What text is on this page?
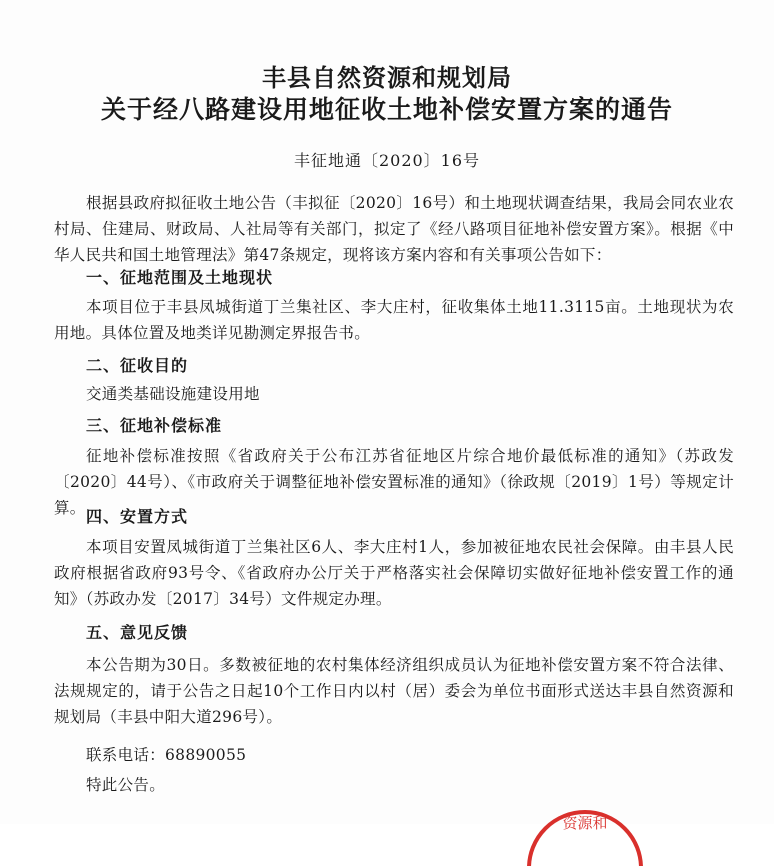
丰县自然资源和规划局
关于经八路建设用地征收土地补偿安置方案的通告
丰征地通〔2020〕16号
根据县政府拟征收土地公告（丰拟征〔2020〕16号）和土地现状调查结果，我局会同农业农村局、住建局、财政局、人社局等有关部门，拟定了《经八路项目征地补偿安置方案》。根据《中华人民共和国土地管理法》第47条规定，现将该方案内容和有关事项公告如下：
一、征地范围及土地现状
本项目位于丰县凤城街道丁兰集社区、李大庄村，征收集体土地11.3115亩。土地现状为农用地。具体位置及地类详见勘测定界报告书。
二、征收目的
交通类基础设施建设用地
三、征地补偿标准
征地补偿标准按照《省政府关于公布江苏省征地区片综合地价最低标准的通知》（苏政发〔2020〕44号）、《市政府关于调整征地补偿安置标准的通知》（徐政规〔2019〕1号）等规定计算。 四、安置方式
本项目安置凤城街道丁兰集社区6人、李大庄村1人，参加被征地农民社会保障。由丰县人民政府根据省政府93号令、《省政府办公厅关于严格落实社会保障切实做好征地补偿安置工作的通知》（苏政办发〔2017〕34号）文件规定办理。
五、意见反馈
本公告期为30日。多数被征地的农村集体经济组织成员认为征地补偿安置方案不符合法律、法规规定的，请于公告之日起10个工作日内以村（居）委会为单位书面形式送达丰县自然资源和规划局（丰县中阳大道296号）。
联系电话：68890055
特此公告。
资源和
